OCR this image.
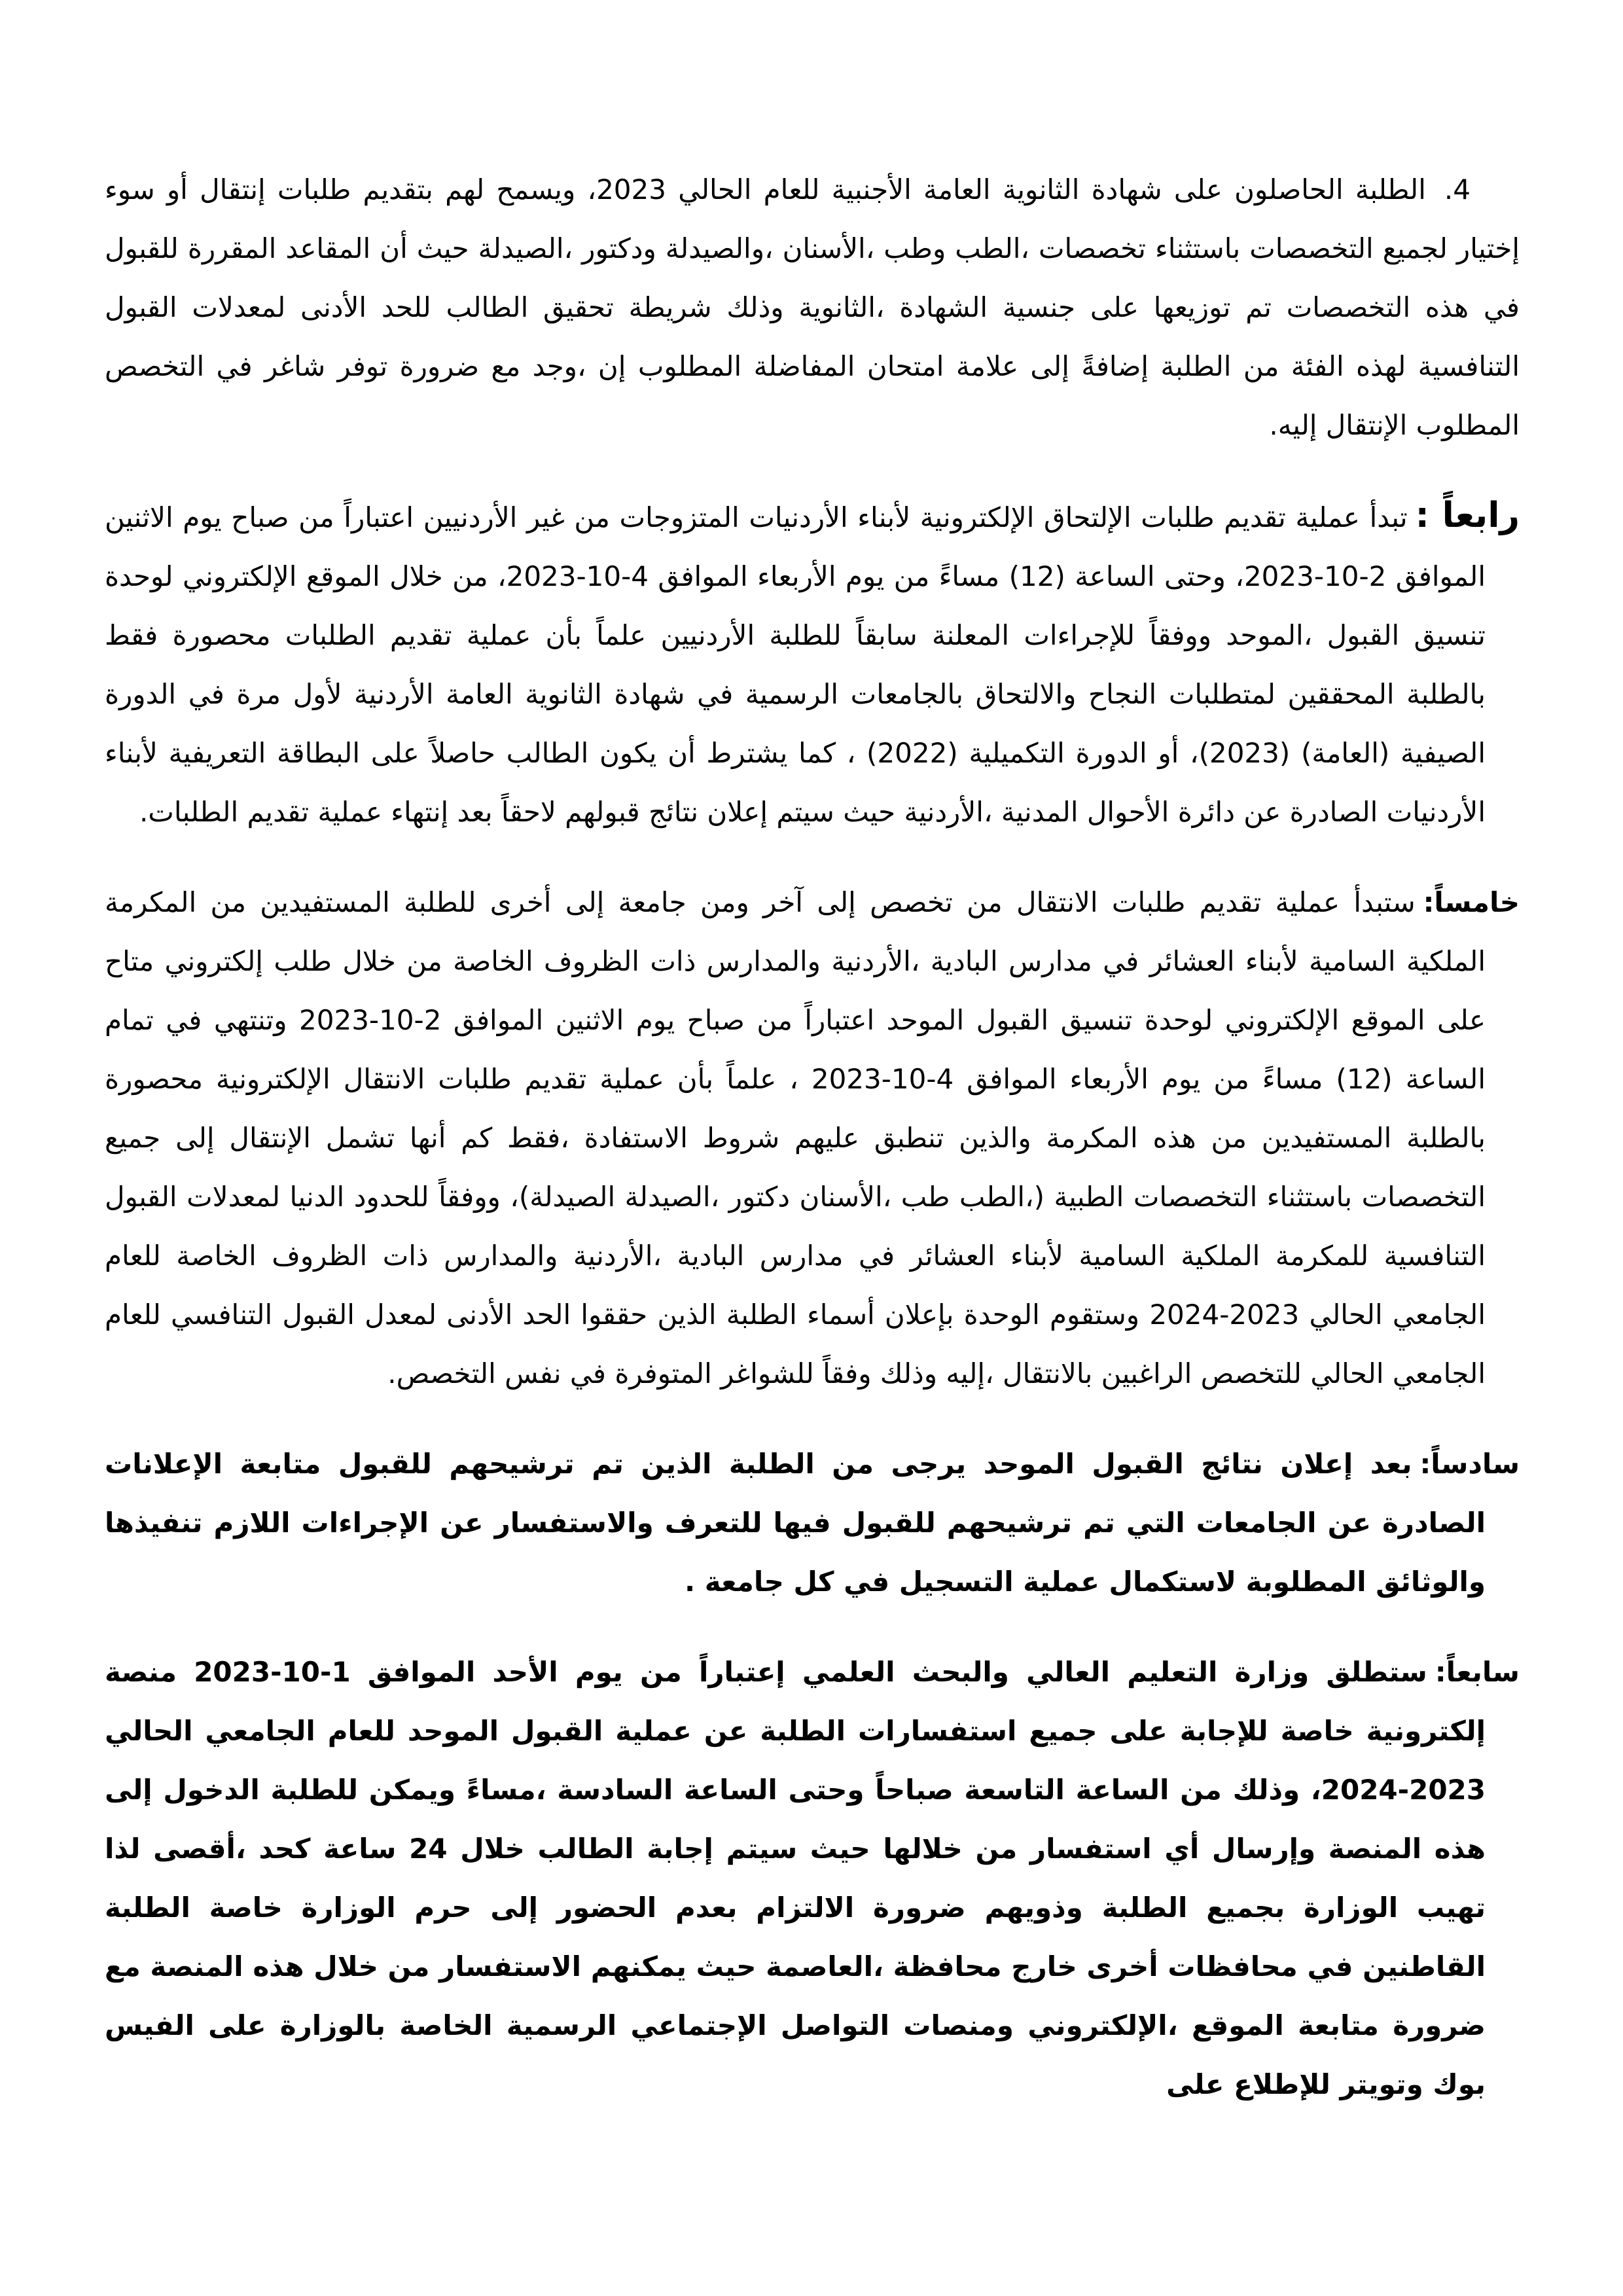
4.الطلبة الحاصلون على شهادة الثانوية العامة الأجنبية للعام الحالي 2023، ويسمح لهم بتقديم طلبات إنتقال أو سوء إختيار لجميع التخصصات باستثناء تخصصات ،الطب وطب ،الأسنان ،والصيدلة ودكتور ،الصيدلة حيث أن المقاعد المقررة للقبول في هذه التخصصات تم توزيعها على جنسية الشهادة ،الثانوية وذلك شريطة تحقيق الطالب للحد الأدنى لمعدلات القبول التنافسية لهذه الفئة من الطلبة إضافةً إلى علامة امتحان المفاضلة المطلوب إن ،وجد مع ضرورة توفر شاغر في التخصص المطلوب الإنتقال إليه.
رابعاً :تبدأ عملية تقديم طلبات الإلتحاق الإلكترونية لأبناء الأردنيات المتزوجات من غير الأردنيين اعتباراً من صباح يوم الاثنين الموافق 2-10-2023، وحتى الساعة (12) مساءً من يوم الأربعاء الموافق 4-10-2023، من خلال الموقع الإلكتروني لوحدة تنسيق القبول ،الموحد ووفقاً للإجراءات المعلنة سابقاً للطلبة الأردنيين علماً بأن عملية تقديم الطلبات محصورة فقط بالطلبة المحققين لمتطلبات النجاح والالتحاق بالجامعات الرسمية في شهادة الثانوية العامة الأردنية لأول مرة في الدورة الصيفية (العامة) (2023)، أو الدورة التكميلية (2022) ، كما يشترط أن يكون الطالب حاصلاً على البطاقة التعريفية لأبناء الأردنيات الصادرة عن دائرة الأحوال المدنية ،الأردنية حيث سيتم إعلان نتائج قبولهم لاحقاً بعد إنتهاء عملية تقديم الطلبات.
خامساً:ستبدأ عملية تقديم طلبات الانتقال من تخصص إلى آخر ومن جامعة إلى أخرى للطلبة المستفيدين من المكرمة الملكية السامية لأبناء العشائر في مدارس البادية ،الأردنية والمدارس ذات الظروف الخاصة من خلال طلب إلكتروني متاح على الموقع الإلكتروني لوحدة تنسيق القبول الموحد اعتباراً من صباح يوم الاثنين الموافق 2-10-2023 وتنتهي في تمام الساعة (12) مساءً من يوم الأربعاء الموافق 4-10-2023 ، علماً بأن عملية تقديم طلبات الانتقال الإلكترونية محصورة بالطلبة المستفيدين من هذه المكرمة والذين تنطبق عليهم شروط الاستفادة ،فقط كم أنها تشمل الإنتقال إلى جميع التخصصات باستثناء التخصصات الطبية (،الطب طب ،الأسنان دكتور ،الصيدلة الصيدلة)، ووفقاً للحدود الدنيا لمعدلات القبول التنافسية للمكرمة الملكية السامية لأبناء العشائر في مدارس البادية ،الأردنية والمدارس ذات الظروف الخاصة للعام الجامعي الحالي 2023-2024 وستقوم الوحدة بإعلان أسماء الطلبة الذين حققوا الحد الأدنى لمعدل القبول التنافسي للعام الجامعي الحالي للتخصص الراغبين بالانتقال ،إليه وذلك وفقاً للشواغر المتوفرة في نفس التخصص.
سادساً:بعد إعلان نتائج القبول الموحد يرجى من الطلبة الذين تم ترشيحهم للقبول متابعة الإعلانات الصادرة عن الجامعات التي تم ترشيحهم للقبول فيها للتعرف والاستفسار عن الإجراءات اللازم تنفيذها والوثائق المطلوبة لاستكمال عملية التسجيل في كل جامعة .
سابعاً:ستطلق وزارة التعليم العالي والبحث العلمي إعتباراً من يوم الأحد الموافق 1-10-2023 منصة إلكترونية خاصة للإجابة على جميع استفسارات الطلبة عن عملية القبول الموحد للعام الجامعي الحالي 2023-2024، وذلك من الساعة التاسعة صباحاً وحتى الساعة السادسة ،مساءً ويمكن للطلبة الدخول إلى هذه المنصة وإرسال أي استفسار من خلالها حيث سيتم إجابة الطالب خلال 24 ساعة كحد ،أقصى لذا تهيب الوزارة بجميع الطلبة وذويهم ضرورة الالتزام بعدم الحضور إلى حرم الوزارة خاصة الطلبة القاطنين في محافظات أخرى خارج محافظة ،العاصمة حيث يمكنهم الاستفسار من خلال هذه المنصة مع ضرورة متابعة الموقع ،الإلكتروني ومنصات التواصل الإجتماعي الرسمية الخاصة بالوزارة على الفيس بوك وتويتر للإطلاع على
